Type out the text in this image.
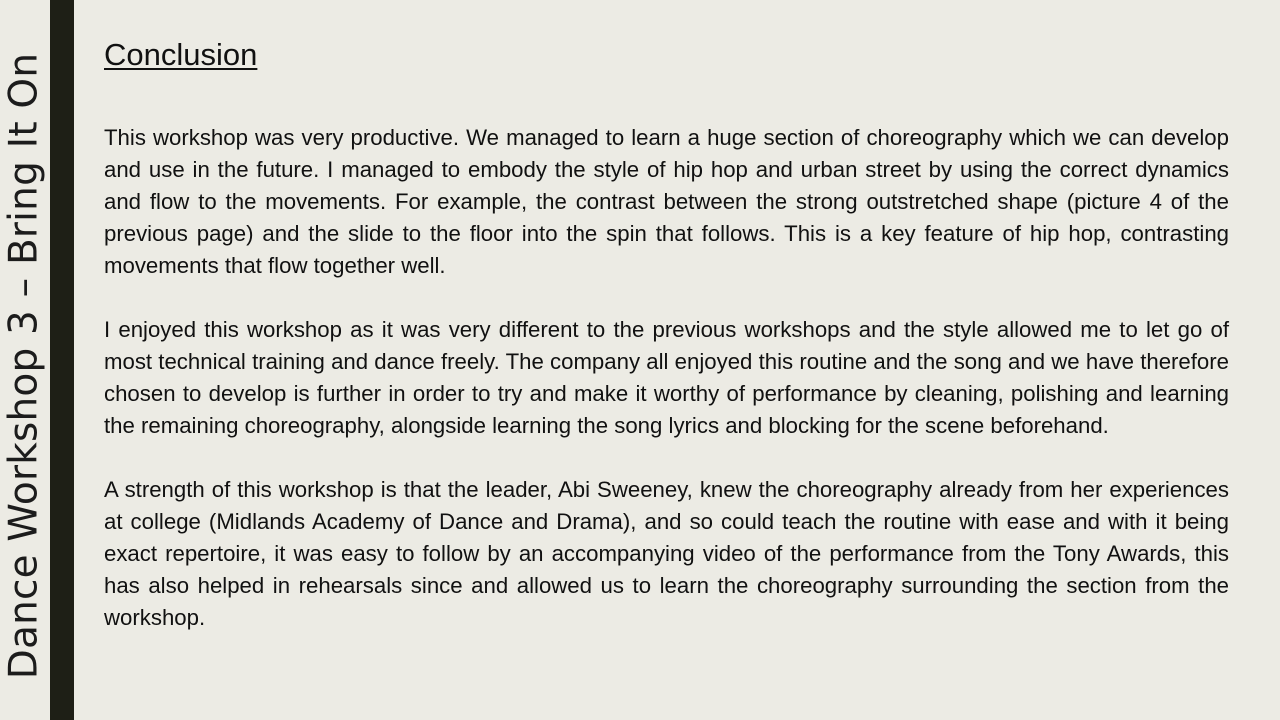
Dance Workshop 3 – Bring It On Conclusion

This workshop was very productive. We managed to learn a huge section of choreography which we can develop and use in the future. I managed to embody the style of hip hop and urban street by using the correct dynamics and flow to the movements. For example, the contrast between the strong outstretched shape (picture 4 of the previous page) and the slide to the floor into the spin that follows. This is a key feature of hip hop, contrasting movements that flow together well.

I enjoyed this workshop as it was very different to the previous workshops and the style allowed me to let go of most technical training and dance freely. The company all enjoyed this routine and the song and we have therefore chosen to develop is further in order to try and make it worthy of performance by cleaning, polishing and learning the remaining choreography, alongside learning the song lyrics and blocking for the scene beforehand.

A strength of this workshop is that the leader, Abi Sweeney, knew the choreography already from her experiences at college (Midlands Academy of Dance and Drama), and so could teach the routine with ease and with it being exact repertoire, it was easy to follow by an accompanying video of the performance from the Tony Awards, this has also helped in rehearsals since and allowed us to learn the choreography surrounding the section from the workshop.
